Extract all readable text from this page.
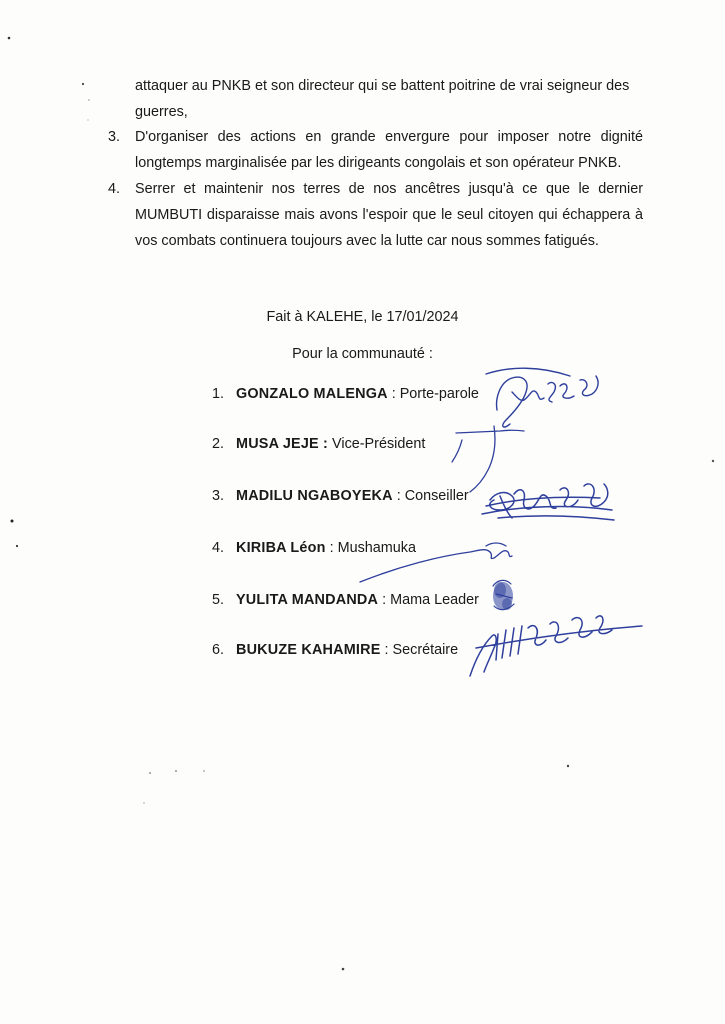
attaquer au PNKB et son directeur qui se battent poitrine de vrai seigneur des
guerres,
3. D'organiser des actions en grande envergure pour imposer notre dignité
longtemps marginalisée par les dirigeants congolais et son opérateur PNKB.
4. Serrer et maintenir nos terres de nos ancêtres jusqu'à ce que le dernier
MUMBUTI disparaisse mais avons l'espoir que le seul citoyen qui échappera à
vos combats continuera toujours avec la lutte car nous sommes fatigués.
Fait à KALEHE, le 17/01/2024
Pour la communauté :
1. GONZALO MALENGA : Porte-parole
2. MUSA JEJE : Vice-Président
3. MADILU NGABOYEKA : Conseiller
4. KIRIBA Léon : Mushamuka
5. YULITA MANDANDA : Mama Leader
6. BUKUZE KAHAMIRE : Secrétaire
